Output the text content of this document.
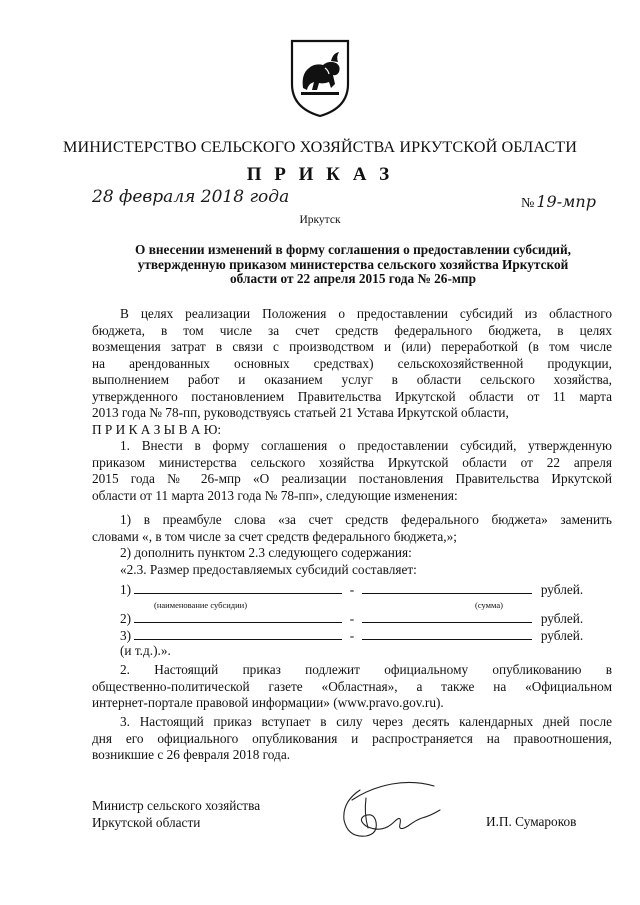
МИНИСТЕРСТВО СЕЛЬСКОГО ХОЗЯЙСТВА ИРКУТСКОЙ ОБЛАСТИ
П Р И К А З
28 февраля 2018 года	№ 19-мпр
Иркутск
О внесении изменений в форму соглашения о предоставлении субсидий,
утвержденную приказом министерства сельского хозяйства Иркутской
области от 22 апреля 2015 года № 26-мпр
В целях реализации Положения о предоставлении субсидий из областного
бюджета, в том числе за счет средств федерального бюджета, в целях
возмещения затрат в связи с производством и (или) переработкой (в том числе
на арендованных основных средствах) сельскохозяйственной продукции,
выполнением работ и оказанием услуг в области сельского хозяйства,
утвержденного постановлением Правительства Иркутской области от 11 марта
2013 года № 78-пп, руководствуясь статьей 21 Устава Иркутской области,
П Р И К А З Ы В А Ю:
1. Внести в форму соглашения о предоставлении субсидий, утвержденную
приказом министерства сельского хозяйства Иркутской области от 22 апреля
2015 года № 26-мпр «О реализации постановления Правительства Иркутской
области от 11 марта 2013 года № 78-пп», следующие изменения:
1) в преамбуле слова «за счет средств федерального бюджета» заменить
словами «, в том числе за счет средств федерального бюджета,»;
2) дополнить пунктом 2.3 следующего содержания:
«2.3. Размер предоставляемых субсидий составляет:
1)	-	рублей.
(наименование субсидии)	(сумма)
2)	-	рублей.
3)	-	рублей.
(и т.д.).».
2.  Настоящий  приказ  подлежит  официальному  опубликованию  в
общественно-политической газете «Областная», а также на «Официальном
интернет-портале правовой информации» (www.pravo.gov.ru).
3. Настоящий приказ вступает в силу через десять календарных дней после
дня его официального опубликования и распространяется на правоотношения,
возникшие с 26 февраля 2018 года.
Министр сельского хозяйства
Иркутской области	И.П. Сумароков
